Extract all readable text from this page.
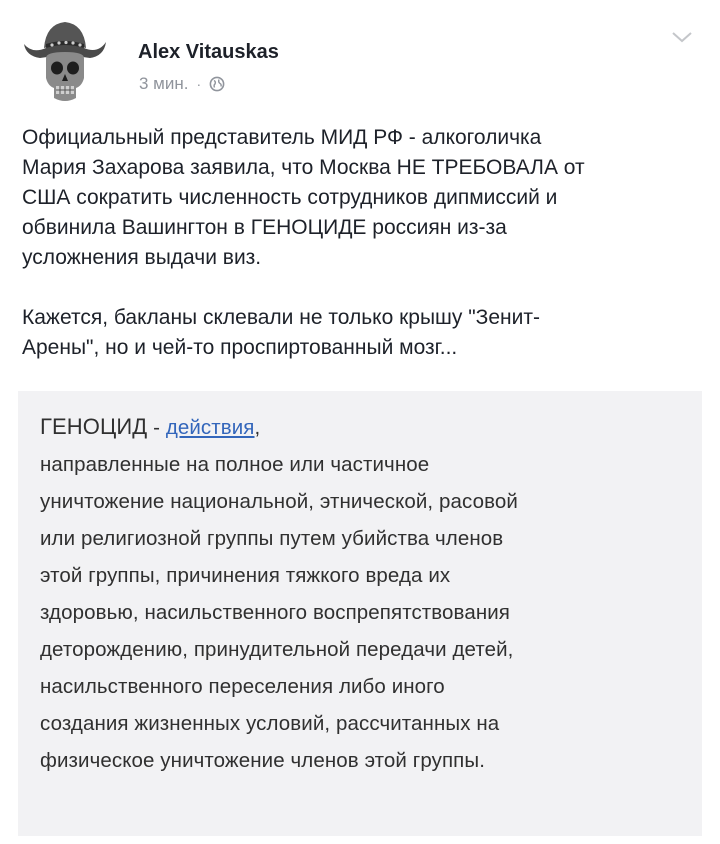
Alex Vitauskas
3 мин. ·

Официальный представитель МИД РФ - алкоголичка
Мария Захарова заявила, что Москва НЕ ТРЕБОВАЛА от
США сократить численность сотрудников дипмиссий и
обвинила Вашингтон в ГЕНОЦИДЕ россиян из-за
усложнения выдачи виз.

Кажется, бакланы склевали не только крышу "Зенит-
Арены", но и чей-то проспиртованный мозг...

ГЕНОЦИД - действия,
направленные на полное или частичное
уничтожение национальной, этнической, расовой
или религиозной группы путем убийства членов
этой группы, причинения тяжкого вреда их
здоровью, насильственного воспрепятствования
деторождению, принудительной передачи детей,
насильственного переселения либо иного
создания жизненных условий, рассчитанных на
физическое уничтожение членов этой группы.
